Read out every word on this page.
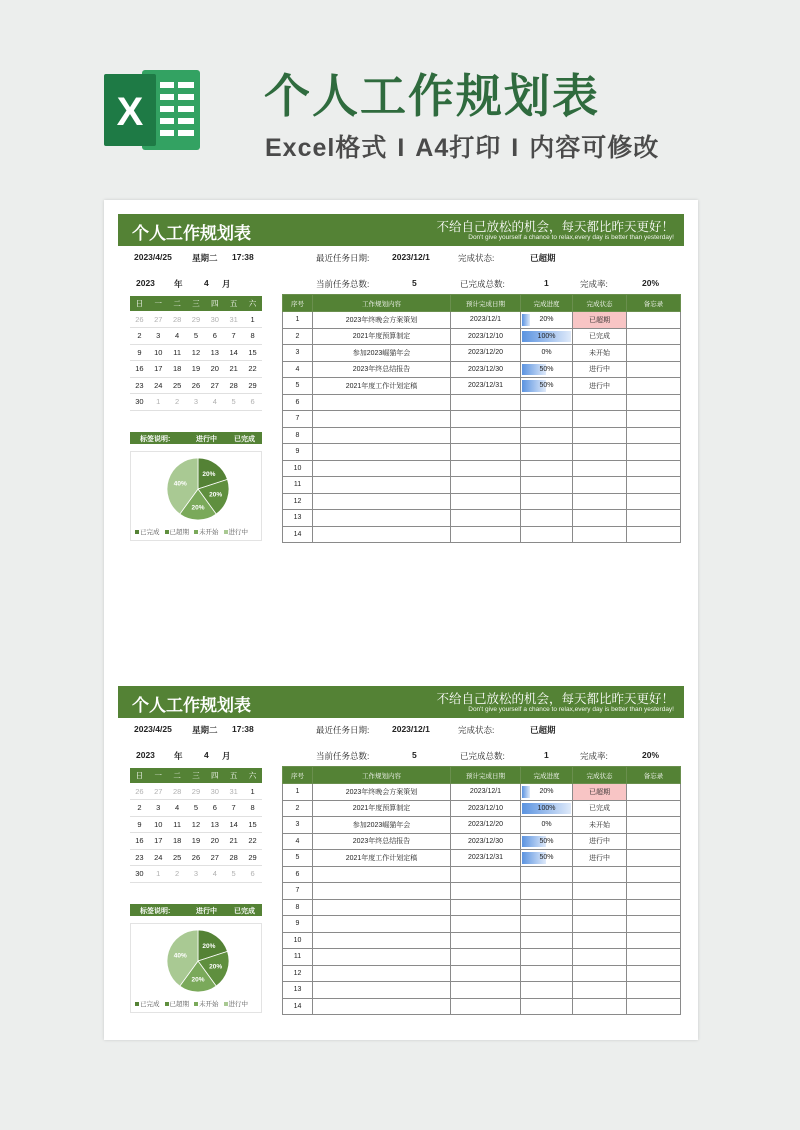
X	个人工作规划表
Excel格式 I A4打印 I 内容可修改
个人工作规划表	不给自己放松的机会，每天都比昨天更好！
Don't give yourself a chance to relax,every day is better than yesterday!
2023/4/25 星期二 17:38	最近任务日期:	2023/12/1	完成状态:	已超期
2023 年	4 月
日	一	二	三	四	五	六
26	27	28	29	30	31	1
2	3	4	5	6	7	8
9	10	11	12	13	14	15
16	17	18	19	20	21	22
23	24	25	26	27	28	29
30	1	2	3	4	5	6
标签说明:	进行中 已完成
20%
20%
20%
40%
已完成 已超期 未开始 进行中
当前任务总数:	5	已完成总数:	1	完成率:	20%
序号	工作规划内容	预计完成日期	完成进度	完成状态	备忘录
1	2023年终晚会方案策划	2023/12/1	20%	已超期	
2	2021年度预算制定	2023/12/10	100%	已完成	
3	参加2023崛猫年会	2023/12/20	0%	未开始	
4	2023年终总结报告	2023/12/30	50%	进行中	
5	2021年度工作计划定稿	2023/12/31	50%	进行中	
6					
7					
8					
9					
10					
11					
12					
13					
14					
个人工作规划表	不给自己放松的机会，每天都比昨天更好！
Don't give yourself a chance to relax,every day is better than yesterday!
2023/4/25 星期二 17:38	最近任务日期:	2023/12/1	完成状态:	已超期
2023 年	4 月
日	一	二	三	四	五	六
26	27	28	29	30	31	1
2	3	4	5	6	7	8
9	10	11	12	13	14	15
16	17	18	19	20	21	22
23	24	25	26	27	28	29
30	1	2	3	4	5	6
标签说明:	进行中 已完成
20%
20%
20%
40%
已完成 已超期 未开始 进行中
当前任务总数:	5	已完成总数:	1	完成率:	20%
序号	工作规划内容	预计完成日期	完成进度	完成状态	备忘录
1	2023年终晚会方案策划	2023/12/1	20%	已超期	
2	2021年度预算制定	2023/12/10	100%	已完成	
3	参加2023崛猫年会	2023/12/20	0%	未开始	
4	2023年终总结报告	2023/12/30	50%	进行中	
5	2021年度工作计划定稿	2023/12/31	50%	进行中	
6					
7					
8					
9					
10					
11					
12					
13					
14					
